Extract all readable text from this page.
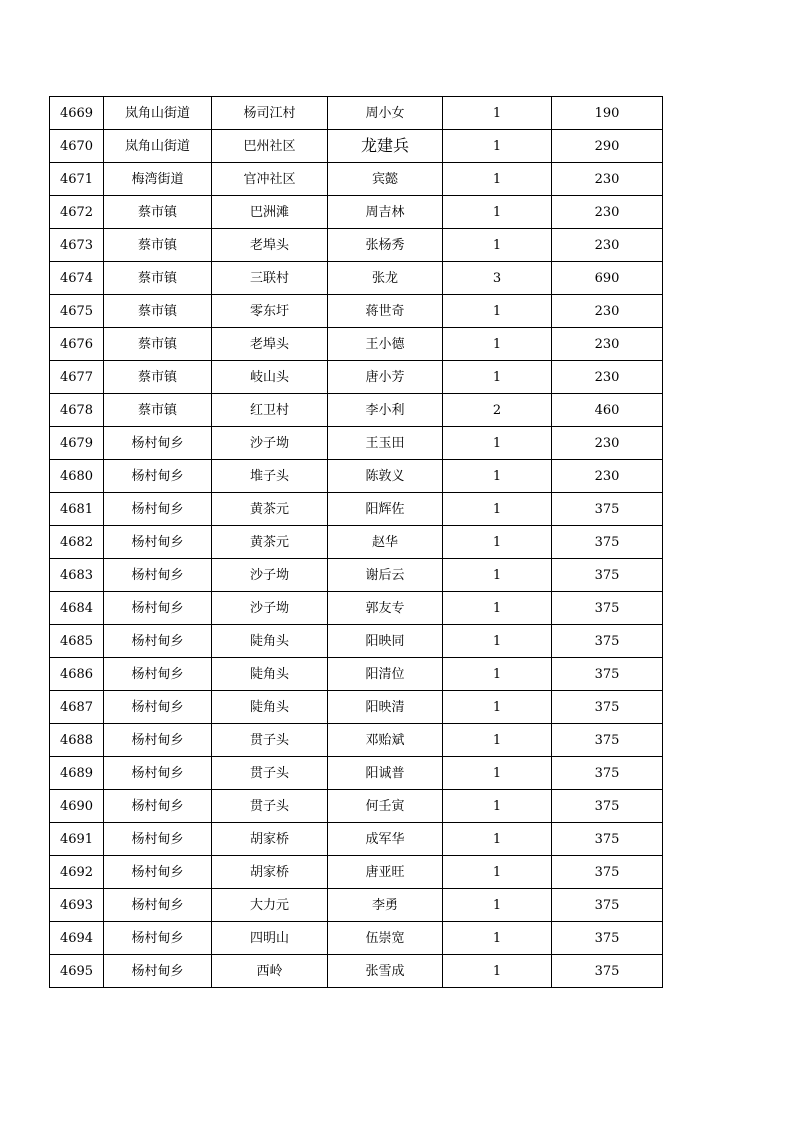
4669	岚角山街道	杨司江村	周小女	1	190
4670	岚角山街道	巴州社区	龙建兵	1	290
4671	梅湾街道	官冲社区	宾懿	1	230
4672	蔡市镇	巴洲滩	周吉林	1	230
4673	蔡市镇	老埠头	张杨秀	1	230
4674	蔡市镇	三联村	张龙	3	690
4675	蔡市镇	零东圩	蒋世奇	1	230
4676	蔡市镇	老埠头	王小德	1	230
4677	蔡市镇	岐山头	唐小芳	1	230
4678	蔡市镇	红卫村	李小利	2	460
4679	杨村甸乡	沙子坳	王玉田	1	230
4680	杨村甸乡	堆子头	陈敦义	1	230
4681	杨村甸乡	黄茶元	阳辉佐	1	375
4682	杨村甸乡	黄茶元	赵华	1	375
4683	杨村甸乡	沙子坳	谢后云	1	375
4684	杨村甸乡	沙子坳	郭友专	1	375
4685	杨村甸乡	陡角头	阳映同	1	375
4686	杨村甸乡	陡角头	阳清位	1	375
4687	杨村甸乡	陡角头	阳映清	1	375
4688	杨村甸乡	贯子头	邓贻斌	1	375
4689	杨村甸乡	贯子头	阳诚普	1	375
4690	杨村甸乡	贯子头	何壬寅	1	375
4691	杨村甸乡	胡家桥	成军华	1	375
4692	杨村甸乡	胡家桥	唐亚旺	1	375
4693	杨村甸乡	大力元	李勇	1	375
4694	杨村甸乡	四明山	伍崇宽	1	375
4695	杨村甸乡	西岭	张雪成	1	375
